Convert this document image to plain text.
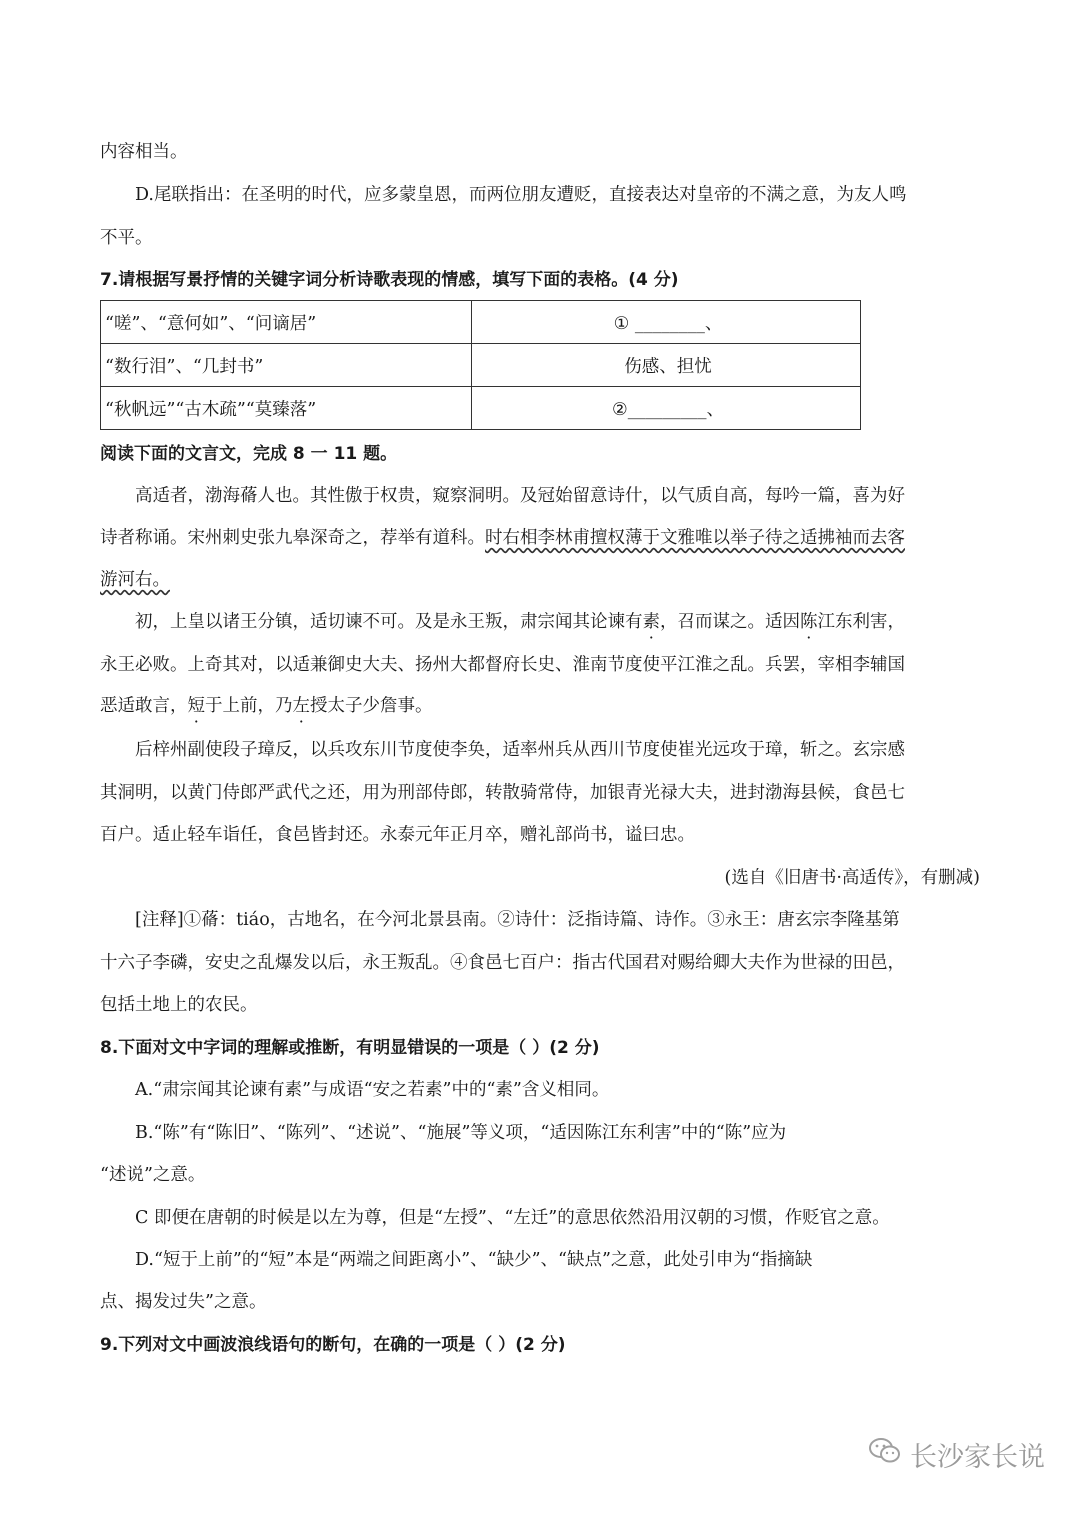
内容相当。
D.尾联指出：在圣明的时代，应多蒙皇恩，而两位朋友遭贬，直接表达对皇帝的不满之意，为友人鸣
不平。
7.请根据写景抒情的关键字词分析诗歌表现的情感，填写下面的表格。(4 分)
“嗟”、“意何如”、“问谪居”	① ________、
“数行泪”、“几封书”	伤感、担忧
“秋帆远”“古木疏”“莫臻落”	②_________、
阅读下面的文言文，完成 8 一 11 题。
高适者，渤海蓨人也。其性傲于权贵，窥察洞明。及冠始留意诗什，以气质自高，每吟一篇，喜为好
诗者称诵。宋州刺史张九皋深奇之，荐举有道科。时右相李林甫擅权薄于文雅唯以举子待之适拂袖而去客
游河右。
初，上皇以诸王分镇，适切谏不可。及是永王叛，肃宗闻其论谏有素，召而谋之。适因陈江东利害，
永王必败。上奇其对，以适兼御史大夫、扬州大都督府长史、淮南节度使平江淮之乱。兵罢，宰相李辅国
恶适敢言，短于上前，乃左授太子少詹事。
后梓州副使段子璋反，以兵攻东川节度使李奂，适率州兵从西川节度使崔光远攻于璋，斩之。玄宗感
其洞明，以黄门侍郎严武代之还，用为刑部侍郎，转散骑常侍，加银青光禄大夫，进封渤海县候，食邑七
百户。适止轻车诣任，食邑皆封还。永泰元年正月卒，赠礼部尚书，谥曰忠。
(选自《旧唐书·高适传》，有删减)
[注释]①蓨：tiáo，古地名，在今河北景县南。②诗什：泛指诗篇、诗作。③永王：唐玄宗李隆基第
十六子李磷，安史之乱爆发以后，永王叛乱。④食邑七百户：指古代国君对赐给卿大夫作为世禄的田邑，
包括土地上的农民。
8.下面对文中字词的理解或推断，有明显错误的一项是（ ）(2 分)
A.“肃宗闻其论谏有素”与成语“安之若素”中的“素”含义相同。
B.“陈”有“陈旧”、“陈列”、“述说”、“施展”等义项，“适因陈江东利害”中的“陈”应为
“述说”之意。
C 即便在唐朝的时候是以左为尊，但是“左授”、“左迁”的意思依然沿用汉朝的习惯，作贬官之意。
D.“短于上前”的“短”本是“两端之间距离小”、“缺少”、“缺点”之意，此处引申为“指摘缺
点、揭发过失”之意。
9.下列对文中画波浪线语句的断句，在确的一项是（ ）(2 分)
长沙家长说
